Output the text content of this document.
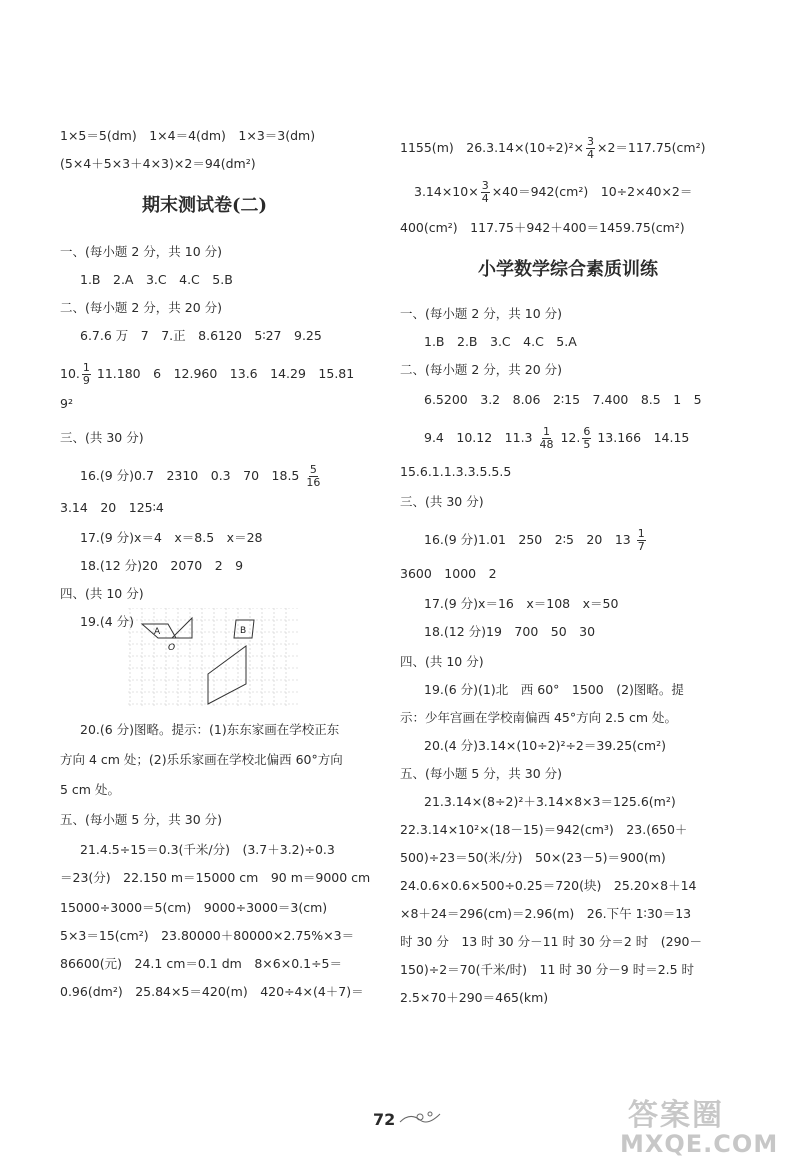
1×5＝5(dm)　1×4＝4(dm)　1×3＝3(dm)
(5×4＋5×3＋4×3)×2＝94(dm²)
期末测试卷(二)
一、(每小题 2 分，共 10 分)
1.B　2.A　3.C　4.C　5.B
二、(每小题 2 分，共 20 分)
6.7.6 万　7　7.正　8.6120　5∶27　9.25
10. $\frac{1}{9} 11.180$　6　12.960　13.6　14.29　15.81
9²
三、(共 30 分)
16.(9 分)0.7　2310　0.3　70　$18.5 \frac{5}{16}$
3.14　20　125∶4
17.(9 分)x＝4　x＝8.5　x＝28
18.(12 分)20　2070　2　9
四、(共 10 分)
19.(4 分)
A	B
O
20.(6 分)图略。提示：(1)东东家画在学校正东
方向 4 cm 处；(2)乐乐家画在学校北偏西 60°方向
5 cm 处。
五、(每小题 5 分，共 30 分)
21.4.5÷15＝0.3(千米/分)　(3.7＋3.2)÷0.3
＝23(分)　22.150 m＝15000 cm　90 m＝9000 cm
15000÷3000＝5(cm)　9000÷3000＝3(cm)
5×3＝15(cm²)　23.80000＋80000×2.75%×3＝
86600(元)　24.1 cm＝0.1 dm　8×6×0.1÷5＝
0.96(dm²)　25.84×5＝420(m)　420÷4×(4＋7)＝
1155(m)　$26.3.14\times(10\div 2)^2\times \frac{3}{4} \times 2=117.75(cm^2)$
$3.14\times 10\times \frac{3}{4} \times 40=942(cm^2)$　10÷2×40×2＝
400(cm²)　117.75＋942＋400＝1459.75(cm²)
小学数学综合素质训练
一、(每小题 2 分，共 10 分)
1.B　2.B　3.C　4.C　5.A
二、(每小题 2 分，共 20 分)
6.5200　3.2　8.06　2∶15　7.400　8.5　1　5
9.4　10.12　$11.3 \frac{1}{48} 12$. $\frac{6}{5} 13.166$　14.15
15.6.1.1.3.3.5.5.5
三、(共 30 分)
16.(9 分)1.01　250　2∶5　20　$13 \frac{1}{7}$
3600　1000　2
17.(9 分)x＝16　x＝108　x＝50
18.(12 分)19　700　50　30
四、(共 10 分)
19.(6 分)(1)北　西 60°　1500　(2)图略。提
示：少年宫画在学校南偏西 45°方向 2.5 cm 处。
20.(4 分)3.14×(10÷2)²÷2＝39.25(cm²)
五、(每小题 5 分，共 30 分)
21.3.14×(8÷2)²＋3.14×8×3＝125.6(m²)
22.3.14×10²×(18－15)＝942(cm³)　23.(650＋
500)÷23＝50(米/分)　50×(23－5)＝900(m)
24.0.6×0.6×500÷0.25＝720(块)　25.20×8＋14
×8＋24＝296(cm)＝2.96(m)　26.下午 1∶30＝13
时 30 分　13 时 30 分－11 时 30 分＝2 时　(290－
150)÷2＝70(千米/时)　11 时 30 分－9 时＝2.5 时
2.5×70＋290＝465(km)
72	答案圈
MXQE.COM
